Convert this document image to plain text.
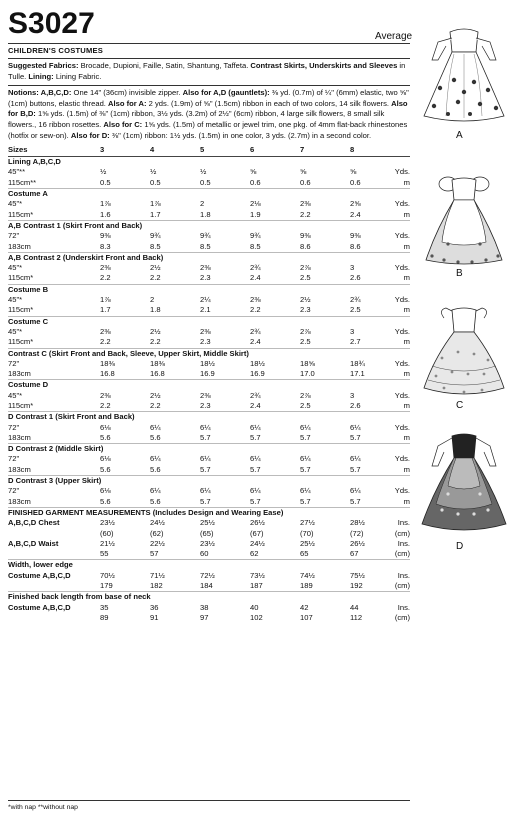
S3027
CHILDREN'S COSTUMES
Suggested Fabrics: Brocade, Dupioni, Faille, Satin, Shantung, Taffeta. Contrast Skirts, Underskirts and Sleeves in Tulle. Lining: Lining Fabric.
Notions: A,B,C,D: One 14" (36cm) invisible zipper. Also for A,D (gauntlets): ⅜ yd. (0.7m) of ¼" (6mm) elastic, two ⅝" (1cm) buttons, elastic thread. Also for A: 2 yds. (1.9m) of ⅝" (1.5cm) ribbon in each of two colors, 14 silk flowers. Also for B,D: 1⅝ yds. (1.5m) of ⅜" (1cm) ribbon, 3½ yds. (3.2m) of 2½" (6cm) ribbon, 4 large silk flowers, 8 small silk flowers., 16 ribbon rosettes. Also for C: 1⅝ yds. (1.5m) of metallic or jewel trim, one pkg. of 4mm flat-back rhinestones (hotfix or sew-on). Also for D: ⅜" (1cm) ribbon: 1½ yds. (1.5m) in one color, 3 yds. (2.7m) in a second color.
Sizes	3	4	5	6	7	8	
Lining A,B,C,D							
45"**	½	½	½	⅝	⅝	⅝	Yds.
115cm**	0.5	0.5	0.5	0.6	0.6	0.6	m
Costume A							
45"*	1⅞	1⅞	2	2⅛	2⅜	2⅝	Yds.
115cm*	1.6	1.7	1.8	1.9	2.2	2.4	m
A,B Contrast 1 (Skirt Front and Back)							
72"	9⅜	9¾	9¾	9¾	9⅜	9⅜	Yds.
183cm	8.3	8.5	8.5	8.5	8.6	8.6	m
A,B Contrast 2 (Underskirt Front and Back)							
45"*	2⅜	2½	2⅜	2¾	2⅞	3	Yds.
115cm*	2.2	2.2	2.3	2.4	2.5	2.6	m
Costume B							
45"*	1⅞	2	2¼	2⅜	2½	2¾	Yds.
115cm*	1.7	1.8	2.1	2.2	2.3	2.5	m
Costume C							
45"*	2⅜	2½	2⅜	2¾	2⅞	3	Yds.
115cm*	2.2	2.2	2.3	2.4	2.5	2.7	m
Contrast C (Skirt Front and Back, Sleeve, Upper Skirt, Middle Skirt)							
72"	18⅜	18⅜	18½	18½	18⅝	18¾	Yds.
183cm	16.8	16.8	16.9	16.9	17.0	17.1	m
Costume D							
45"*	2⅜	2½	2⅜	2¾	2⅞	3	Yds.
115cm*	2.2	2.2	2.3	2.4	2.5	2.6	m
D Contrast 1 (Skirt Front and Back)							
72"	6⅛	6¼	6¼	6¼	6¼	6¼	Yds.
183cm	5.6	5.6	5.7	5.7	5.7	5.7	m
D Contrast 2 (Middle Skirt)							
72"	6⅛	6¼	6¼	6¼	6¼	6¼	Yds.
183cm	5.6	5.6	5.7	5.7	5.7	5.7	m
D Contrast 3 (Upper Skirt)							
72"	6⅛	6¼	6¼	6¼	6¼	6¼	Yds.
183cm	5.6	5.6	5.7	5.7	5.7	5.7	m
FINISHED GARMENT MEASUREMENTS (Includes Design and Wearing Ease)							
A,B,C,D Chest	23½	24½	25½	26½	27½	28½	Ins.
	(60)	(62)	(65)	(67)	(70)	(72)	(cm)
A,B,C,D Waist	21½	22½	23½	24½	25½	26½	Ins.
	55	57	60	62	65	67	(cm)
Width, lower edge							
Costume A,B,C,D	70½	71½	72½	73½	74½	75½	Ins.
	179	182	184	187	189	192	(cm)
Finished back length from base of neck							
Costume A,B,C,D	35	36	38	40	42	44	Ins.
	89	91	97	102	107	112	(cm)
Average
*with nap **without nap
A
B
C
D
